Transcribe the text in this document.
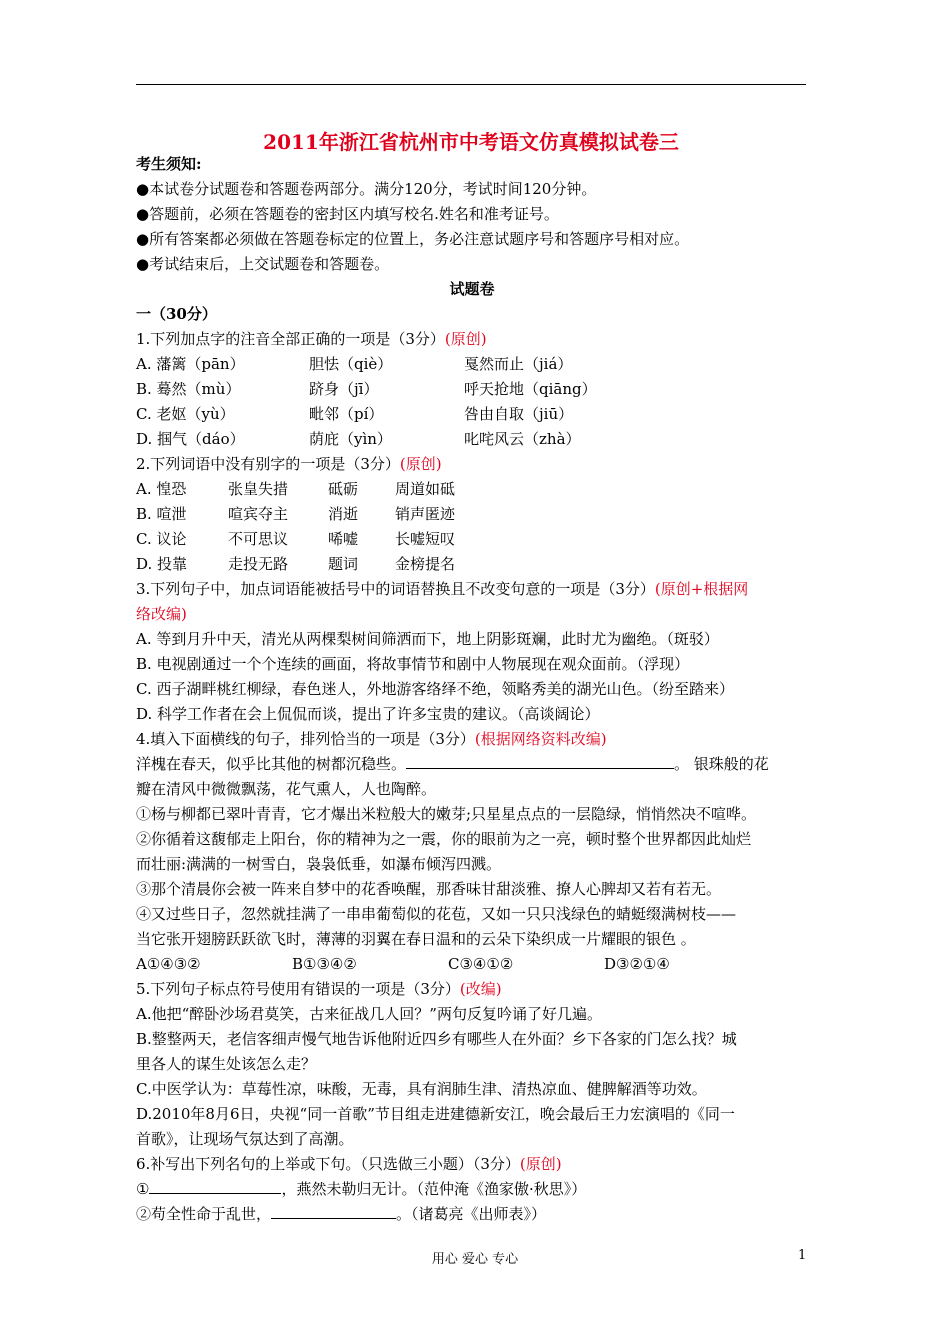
2011年浙江省杭州市中考语文仿真模拟试卷三
考生须知:
●本试卷分试题卷和答题卷两部分。满分120分，考试时间120分钟。
●答题前，必须在答题卷的密封区内填写校名.姓名和准考证号。
●所有答案都必须做在答题卷标定的位置上，务必注意试题序号和答题序号相对应。
●考试结束后，上交试题卷和答题卷。
试题卷
一（30分）
1.下列加点字的注音全部正确的一项是（3分）(原创)
A. 藩篱（pān）	胆怯（qiè）	戛然而止（jiá）
B. 蓦然（mù）	跻身（jī）	呼天抢地（qiāng）
C. 老妪（yù）	毗邻（pí）	咎由自取（jiū）
D. 掴气（dáo）	荫庇（yìn）	叱咤风云（zhà）
2.下列词语中没有别字的一项是（3分）(原创)
A. 惶恐	张皇失措	砥砺 周道如砥
B. 喧泄	喧宾夺主	消逝 销声匿迹
C. 议论	不可思议	唏嘘 长嘘短叹
D. 投靠	走投无路	题词 金榜提名
3.下列句子中，加点词语能被括号中的词语替换且不改变句意的一项是（3分）(原创+根据网
络改编)
A. 等到月升中天，清光从两棵梨树间筛洒而下，地上阴影斑斓，此时尤为幽绝。（斑驳）
B. 电视剧通过一个个连续的画面，将故事情节和剧中人物展现在观众面前。（浮现）
C. 西子湖畔桃红柳绿，春色迷人，外地游客络绎不绝，领略秀美的湖光山色。（纷至踏来）
D. 科学工作者在会上侃侃而谈，提出了许多宝贵的建议。（高谈阔论）
4.填入下面横线的句子，排列恰当的一项是（3分）(根据网络资料改编)
洋槐在春天，似乎比其他的树都沉稳些。	。 银珠般的花
瓣在清风中微微飘荡，花气熏人，人也陶醉。
①杨与柳都已翠叶青青，它才爆出米粒般大的嫩芽;只星星点点的一层隐绿，悄悄然决不喧哗。
②你循着这馥郁走上阳台，你的精神为之一震，你的眼前为之一亮，顿时整个世界都因此灿烂
而壮丽:满满的一树雪白，袅袅低垂，如瀑布倾泻四溅。
③那个清晨你会被一阵来自梦中的花香唤醒，那香味甘甜淡雅、撩人心脾却又若有若无。
④又过些日子，忽然就挂满了一串串葡萄似的花苞，又如一只只浅绿色的蜻蜓缀满树枝——
当它张开翅膀跃跃欲飞时，薄薄的羽翼在春日温和的云朵下染织成一片耀眼的银色 。
A①④③②	B①③④②	C③④①②	D③②①④
5.下列句子标点符号使用有错误的一项是（3分）(改编)
A.他把“醉卧沙场君莫笑，古来征战几人回？”两句反复吟诵了好几遍。
B.整整两天，老信客细声慢气地告诉他附近四乡有哪些人在外面？乡下各家的门怎么找？城
里各人的谋生处该怎么走？
C.中医学认为：草莓性凉，味酸，无毒，具有润肺生津、清热凉血、健脾解酒等功效。
D.2010年8月6日，央视“同一首歌”节目组走进建德新安江，晚会最后王力宏演唱的《同一
首歌》，让现场气氛达到了高潮。
6.补写出下列名句的上举或下句。（只选做三小题）（3分）(原创)
①	，燕然未勒归无计。（范仲淹《渔家傲·秋思》）
②苟全性命于乱世，	。（诸葛亮《出师表》）
用心 爱心 专心	1
